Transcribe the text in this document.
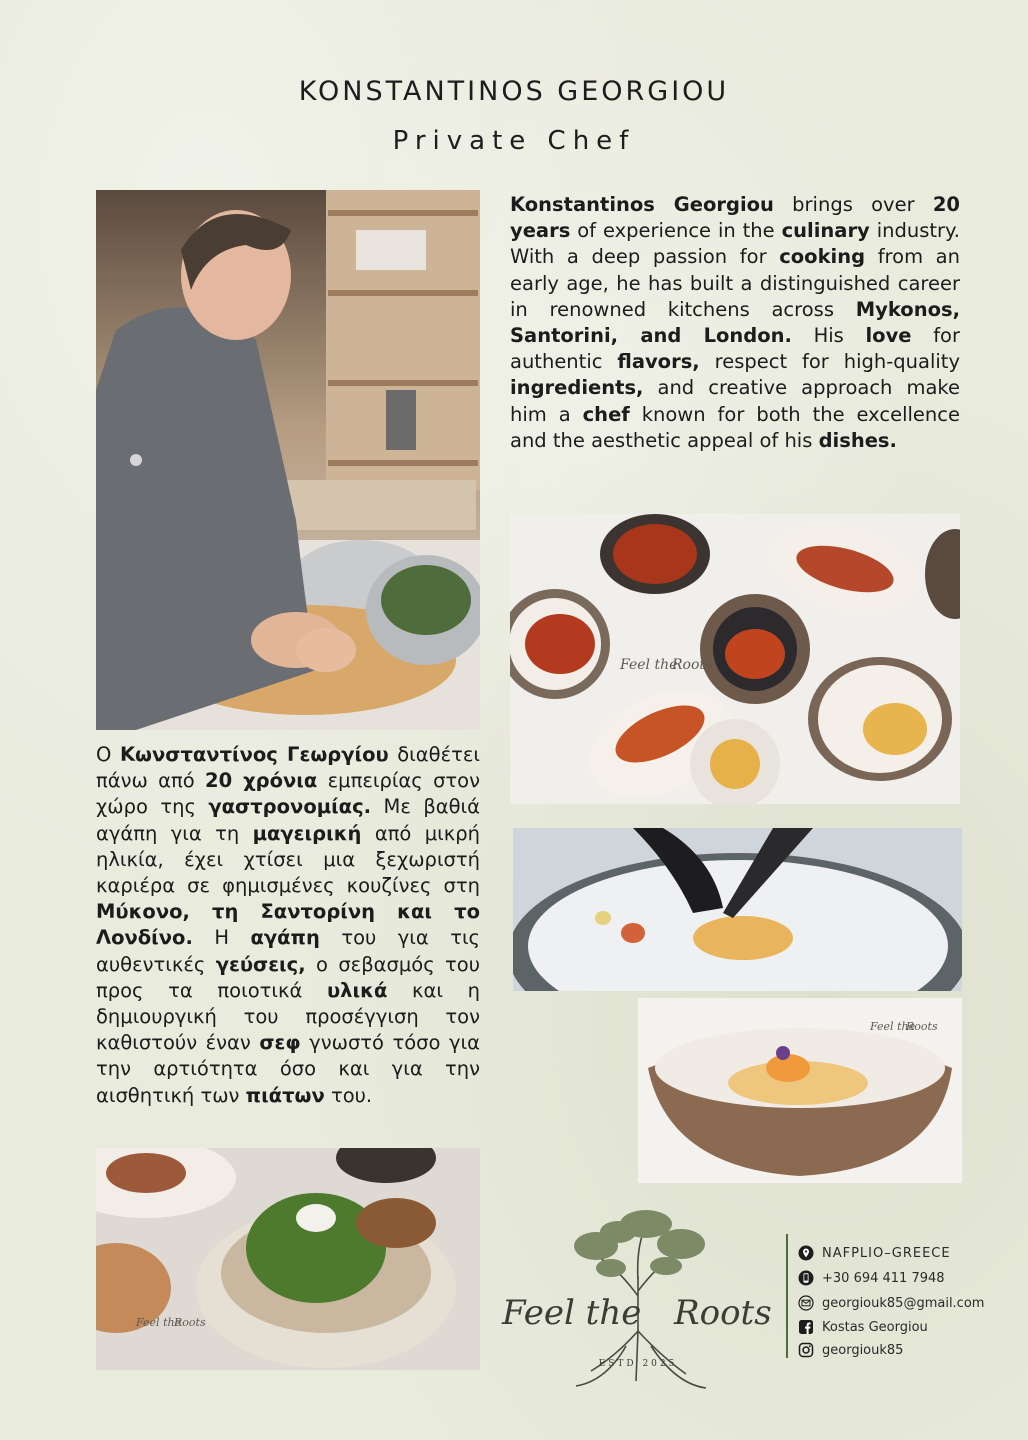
KONSTANTINOS GEORGIOU
Private Chef

Konstantinos Georgiou brings over 20 years of experience in the culinary industry. With a deep passion for cooking from an early age, he has built a distinguished career in renowned kitchens across Mykonos, Santorini, and London. His love for authentic flavors, respect for high-quality ingredients, and creative approach make him a chef known for both the excellence and the aesthetic appeal of his dishes.

Feel the
Roots

Ο Κωνσταντίνος Γεωργίου διαθέτει πάνω από 20 χρόνια εμπειρίας στον χώρο της γαστρονομίας. Με βαθιά αγάπη για τη μαγειρική από μικρή ηλικία, έχει χτίσει μια ξεχωριστή καριέρα σε φημισμένες κουζίνες στη Μύκονο, τη Σαντορίνη και το Λονδίνο. Η αγάπη του για τις αυθεντικές γεύσεις, ο σεβασμός του προς τα ποιοτικά υλικά και η δημιουργική του προσέγγιση τον καθιστούν έναν σεφ γνωστό τόσο για την αρτιότητα όσο και για την αισθητική των πιάτων του.

Feel the
Roots
Feel the
Roots	Feel the Roots
ESTD 2025
NAFPLIO–GREECE
+30 694 411 7948
georgiouk85@gmail.com
Kostas Georgiou
georgiouk85
